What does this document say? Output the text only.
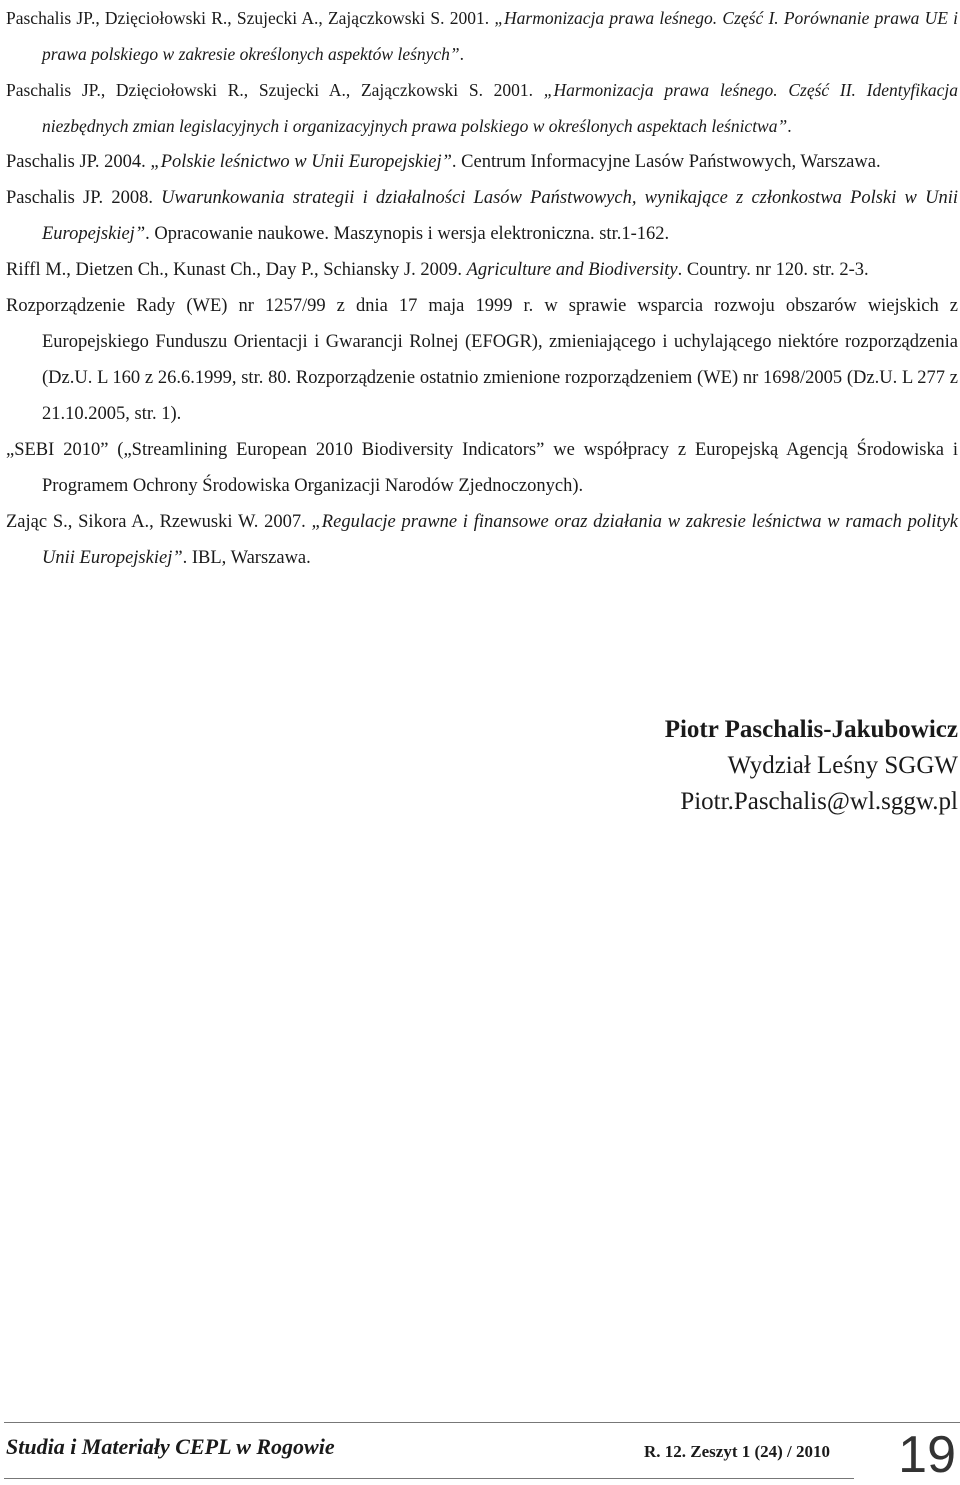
Paschalis JP., Dzięciołowski R., Szujecki A., Zajączkowski S. 2001. „Harmonizacja prawa leśnego. Część I. Porównanie prawa UE i prawa polskiego w zakresie określonych aspektów leśnych”.

Paschalis JP., Dzięciołowski R., Szujecki A., Zajączkowski S. 2001. „Harmonizacja prawa leśnego. Część II. Identyfikacja niezbędnych zmian legislacyjnych i organizacyjnych prawa polskiego w określonych aspektach leśnictwa”.

Paschalis JP. 2004. „Polskie leśnictwo w Unii Europejskiej”. Centrum Informacyjne Lasów Państwowych, Warszawa.

Paschalis JP. 2008. Uwarunkowania strategii i działalności Lasów Państwowych, wynikające z członkostwa Polski w Unii Europejskiej”. Opracowanie naukowe. Maszynopis i wersja elektroniczna. str.1-162.

Riffl M., Dietzen Ch., Kunast Ch., Day P., Schiansky J. 2009. Agriculture and Biodiversity. Country. nr 120. str. 2-3.

Rozporządzenie Rady (WE) nr 1257/99 z dnia 17 maja 1999 r. w sprawie wsparcia rozwoju obszarów wiejskich z Europejskiego Funduszu Orientacji i Gwarancji Rolnej (EFOGR), zmieniającego i uchylającego niektóre rozporządzenia (Dz.U. L 160 z 26.6.1999, str. 80. Rozporządzenie ostatnio zmienione rozporządzeniem (WE) nr 1698/2005 (Dz.U. L 277 z 21.10.2005, str. 1).

„SEBI 2010” („Streamlining European 2010 Biodiversity Indicators” we współpracy z Europejską Agencją Środowiska i Programem Ochrony Środowiska Organizacji Narodów Zjednoczonych).

Zając S., Sikora A., Rzewuski W. 2007. „Regulacje prawne i finansowe oraz działania w zakresie leśnictwa w ramach polityk Unii Europejskiej”. IBL, Warszawa.

Piotr Paschalis-Jakubowicz
Wydział Leśny SGGW
Piotr.Paschalis@wl.sggw.pl
Studia i Materiały CEPL w Rogowie	R. 12. Zeszyt 1 (24) / 2010 19
